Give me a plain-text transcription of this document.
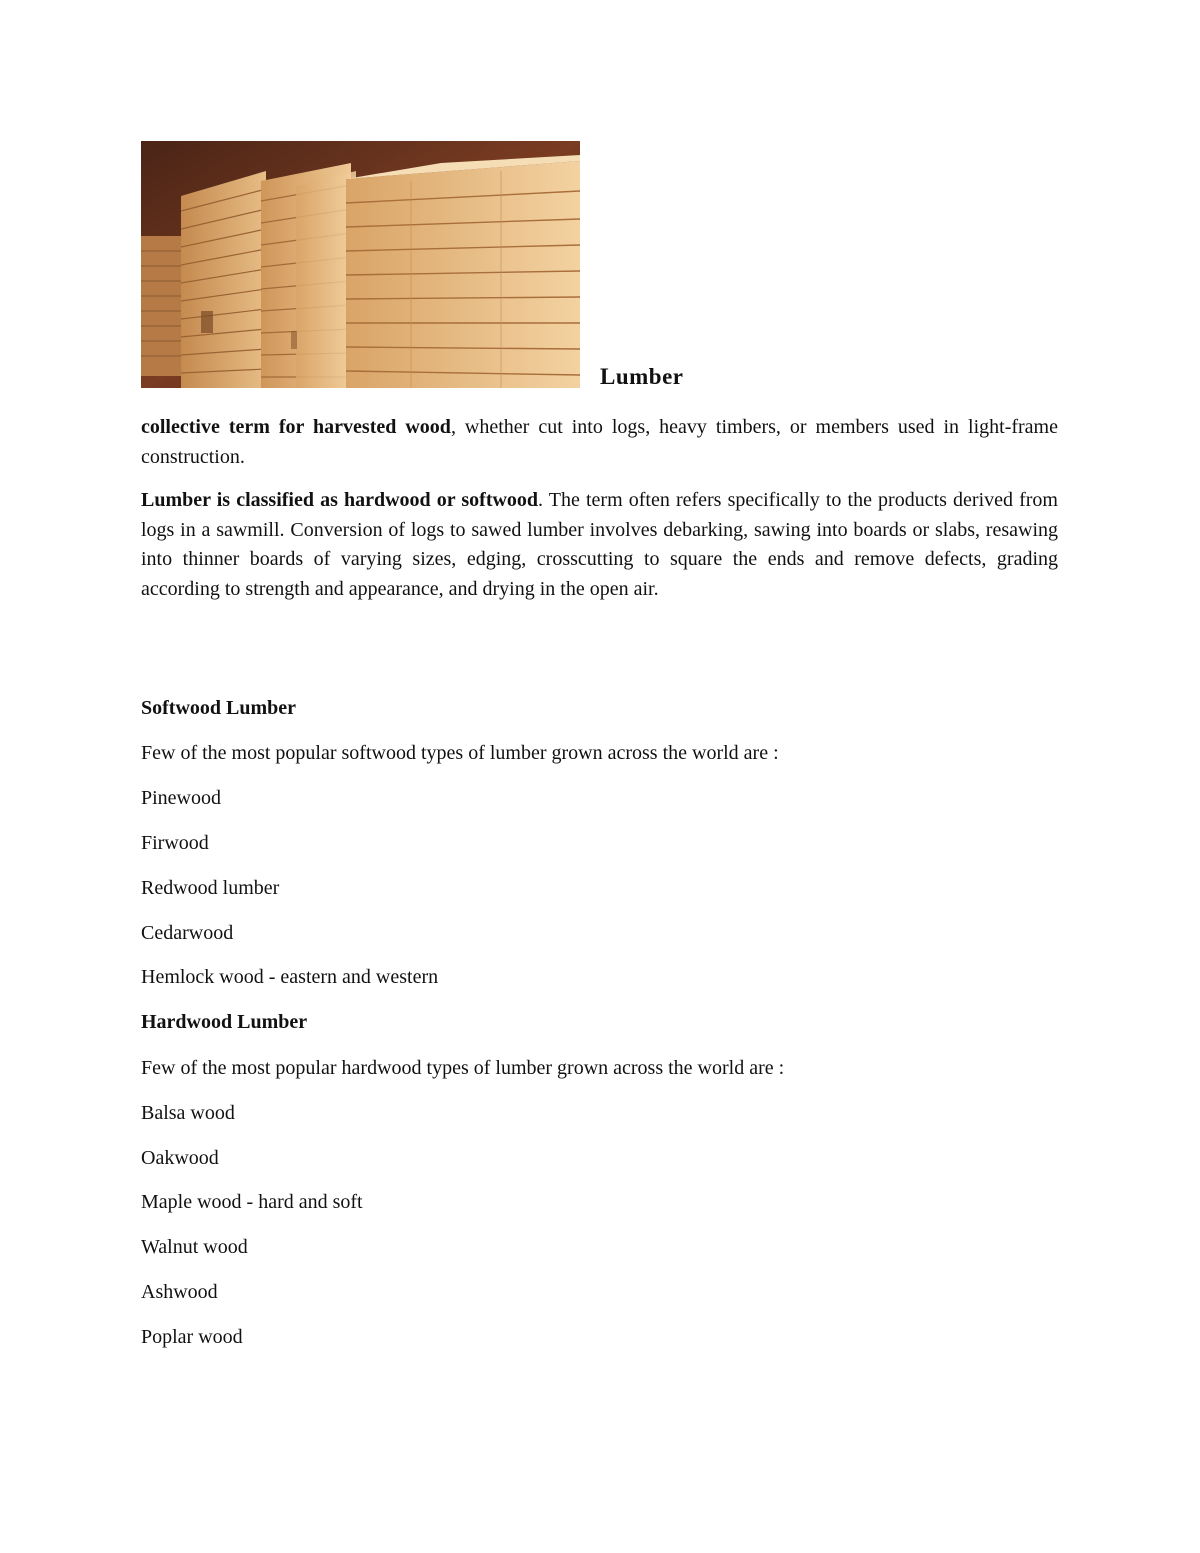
Lumber

collective term for harvested wood, whether cut into logs, heavy timbers, or members used in light-frame construction.

Lumber is classified as hardwood or softwood. The term often refers specifically to the products derived from logs in a sawmill. Conversion of logs to sawed lumber involves debarking, sawing into boards or slabs, resawing into thinner boards of varying sizes, edging, crosscutting to square the ends and remove defects, grading according to strength and appearance, and drying in the open air.

Softwood Lumber

Few of the most popular softwood types of lumber grown across the world are :

Pinewood

Firwood

Redwood lumber

Cedarwood

Hemlock wood - eastern and western

Hardwood Lumber

Few of the most popular hardwood types of lumber grown across the world are :

Balsa wood

Oakwood

Maple wood - hard and soft

Walnut wood

Ashwood

Poplar wood
